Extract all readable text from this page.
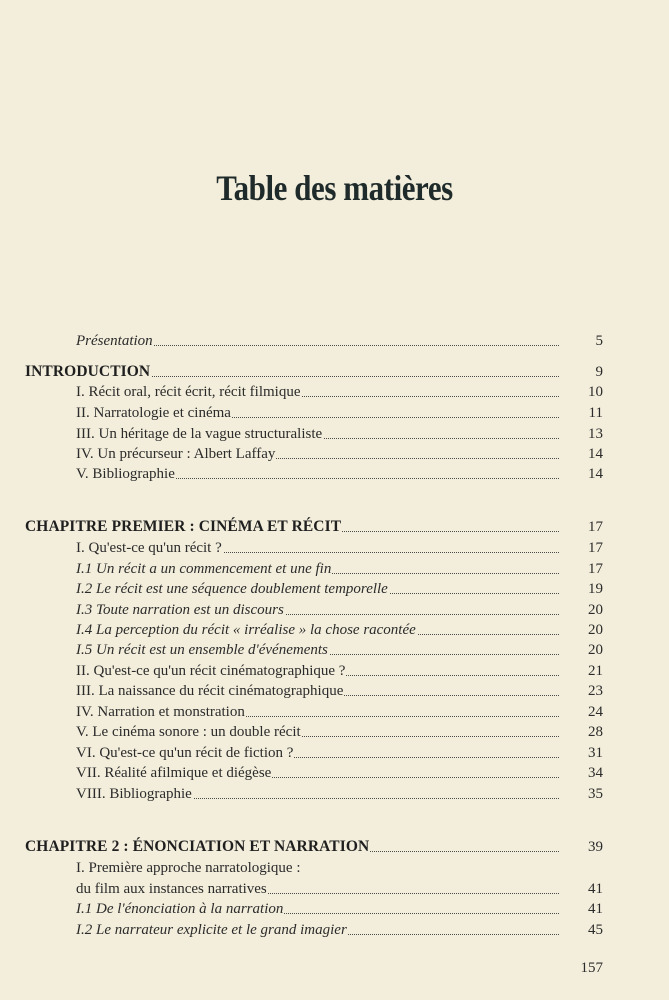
Table des matières
Présentation	5
INTRODUCTION	9
I. Récit oral, récit écrit, récit filmique	10
II. Narratologie et cinéma	11
III. Un héritage de la vague structuraliste	13
IV. Un précurseur : Albert Laffay	14
V. Bibliographie	14
CHAPITRE PREMIER : CINÉMA ET RÉCIT	17
I. Qu'est-ce qu'un récit ?	17
I.1 Un récit a un commencement et une fin	17
I.2 Le récit est une séquence doublement temporelle	19
I.3 Toute narration est un discours	20
I.4 La perception du récit « irréalise » la chose racontée	20
I.5 Un récit est un ensemble d'événements	20
II. Qu'est-ce qu'un récit cinématographique ?	21
III. La naissance du récit cinématographique	23
IV. Narration et monstration	24
V. Le cinéma sonore : un double récit	28
VI. Qu'est-ce qu'un récit de fiction ?	31
VII. Réalité afilmique et diégèse	34
VIII. Bibliographie	35
CHAPITRE 2 : ÉNONCIATION ET NARRATION	39
I. Première approche narratologique :
du film aux instances narratives	41
I.1 De l'énonciation à la narration	41
I.2 Le narrateur explicite et le grand imagier	45
157
